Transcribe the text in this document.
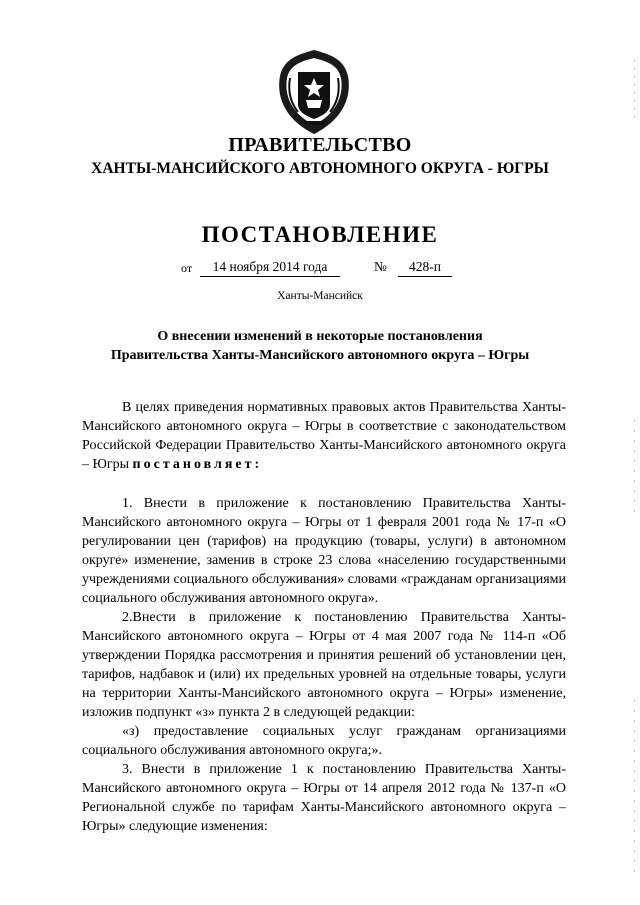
ПРАВИТЕЛЬСТВО
ХАНТЫ-МАНСИЙСКОГО АВТОНОМНОГО ОКРУГА - ЮГРЫ
ПОСТАНОВЛЕНИЕ
от	14 ноября 2014 года	№	428-п
Ханты-Мансийск
О внесении изменений в некоторые постановления
Правительства Ханты-Мансийского автономного округа – Югры

В целях приведения нормативных правовых актов Правительства Ханты-Мансийского автономного округа – Югры в соответствие с законодательством Российской Федерации Правительство Ханты-Мансийского автономного округа – Югры постановляет:

1. Внести в приложение к постановлению Правительства Ханты-Мансийского автономного округа – Югры от 1 февраля 2001 года № 17-п «О регулировании цен (тарифов) на продукцию (товары, услуги) в автономном округе» изменение, заменив в строке 23 слова «населению государственными учреждениями социального обслуживания» словами «гражданам организациями социального обслуживания автономного округа».

2.Внести в приложение к постановлению Правительства Ханты-Мансийского автономного округа – Югры от 4 мая 2007 года № 114-п «Об утверждении Порядка рассмотрения и принятия решений об установлении цен, тарифов, надбавок и (или) их предельных уровней на отдельные товары, услуги на территории Ханты-Мансийского автономного округа – Югры» изменение, изложив подпункт «з» пункта 2 в следующей редакции:

«з) предоставление социальных услуг гражданам организациями социального обслуживания автономного округа;».

3. Внести в приложение 1 к постановлению Правительства Ханты-Мансийского автономного округа – Югры от 14 апреля 2012 года № 137-п «О Региональной службе по тарифам Ханты-Мансийского автономного округа – Югры» следующие изменения:
